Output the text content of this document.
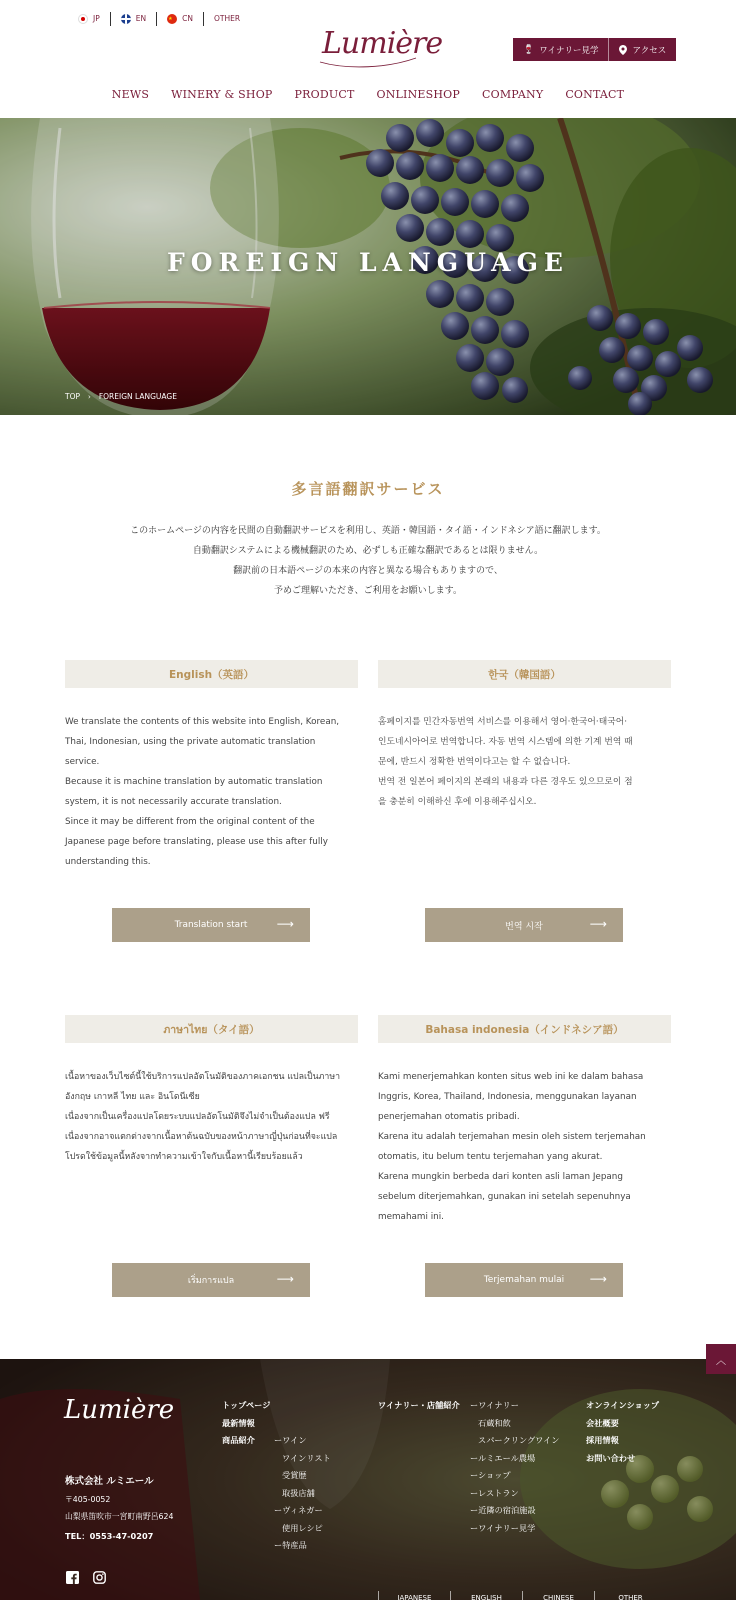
JP	EN
★	CN	OTHER
Lumière	🍷 ワイナリー見学	アクセス
NEWS	WINERY & SHOP	PRODUCT	ONLINESHOP	COMPANY	CONTACT
FOREIGN LANGUAGE
TOP › FOREIGN LANGUAGE
多言語翻訳サービス

このホームページの内容を民間の自動翻訳サービスを利用し、英語・韓国語・タイ語・インドネシア語に翻訳します。

自動翻訳システムによる機械翻訳のため、必ずしも正確な翻訳であるとは限りません。

翻訳前の日本語ページの本来の内容と異なる場合もありますので、

予めご理解いただき、ご利用をお願いします。

English（英語）
We translate the contents of this website into English, Korean,
Thai, Indonesian, using the private automatic translation
service.
Because it is machine translation by automatic translation
system, it is not necessarily accurate translation.
Since it may be different from the original content of the
Japanese page before translating, please use this after fully
understanding this.
Translation start ⟶
한국（韓国語）
홈페이지를 민간자동번역 서비스를 이용해서 영어·한국어·태국어·
인도네시아어로 번역합니다. 자동 번역 시스템에 의한 기계 번역 때
문에, 반드시 정확한 번역이다고는 할 수 없습니다.
번역 전 일본어 페이지의 본래의 내용과 다른 경우도 있으므로이 점
을 충분히 이해하신 후에 이용해주십시오.
번역 시작	⟶
ภาษาไทย（タイ語）
เนื้อหาของเว็บไซต์นี้ใช้บริการแปลอัตโนมัติของภาคเอกชน แปลเป็นภาษา
อังกฤษ เกาหลี ไทย และ อินโดนีเซีย
เนื่องจากเป็นเครื่องแปลโดยระบบแปลอัตโนมัติจึงไม่จำเป็นต้องแปล ฟรี
เนื่องจากอาจแตกต่างจากเนื้อหาต้นฉบับของหน้าภาษาญี่ปุ่นก่อนที่จะแปล
โปรดใช้ข้อมูลนี้หลังจากทำความเข้าใจกับเนื้อหานี้เรียบร้อยแล้ว
เริ่มการแปล	⟶
Bahasa indonesia（インドネシア語）
Kami menerjemahkan konten situs web ini ke dalam bahasa
Inggris, Korea, Thailand, Indonesia, menggunakan layanan
penerjemahan otomatis pribadi.
Karena itu adalah terjemahan mesin oleh sistem terjemahan
otomatis, itu belum tentu terjemahan yang akurat.
Karena mungkin berbeda dari konten asli laman Jepang
sebelum diterjemahkan, gunakan ini setelah sepenuhnya
memahami ini.
Terjemahan mulai ⟶
Lumière
株式会社 ルミエール
〒405-0052
山梨県笛吹市一宮町南野呂624
TEL：0553-47-0207
トップページ
最新情報
商品紹介	ーワイン
ワインリスト
受賞歴
取扱店舗
ーヴィネガー
使用レシピ
ー特産品
ワイナリー・店舗紹介 ーワイナリー
石蔵和飲
スパークリングワイン
ールミエール農場
ーショップ
ーレストラン
ー近隣の宿泊施設
ーワイナリー見学
オンラインショップ
会社概要
採用情報
お問い合わせ
JAPANESE	ENGLISH	CHINESE	OTHER
︿
